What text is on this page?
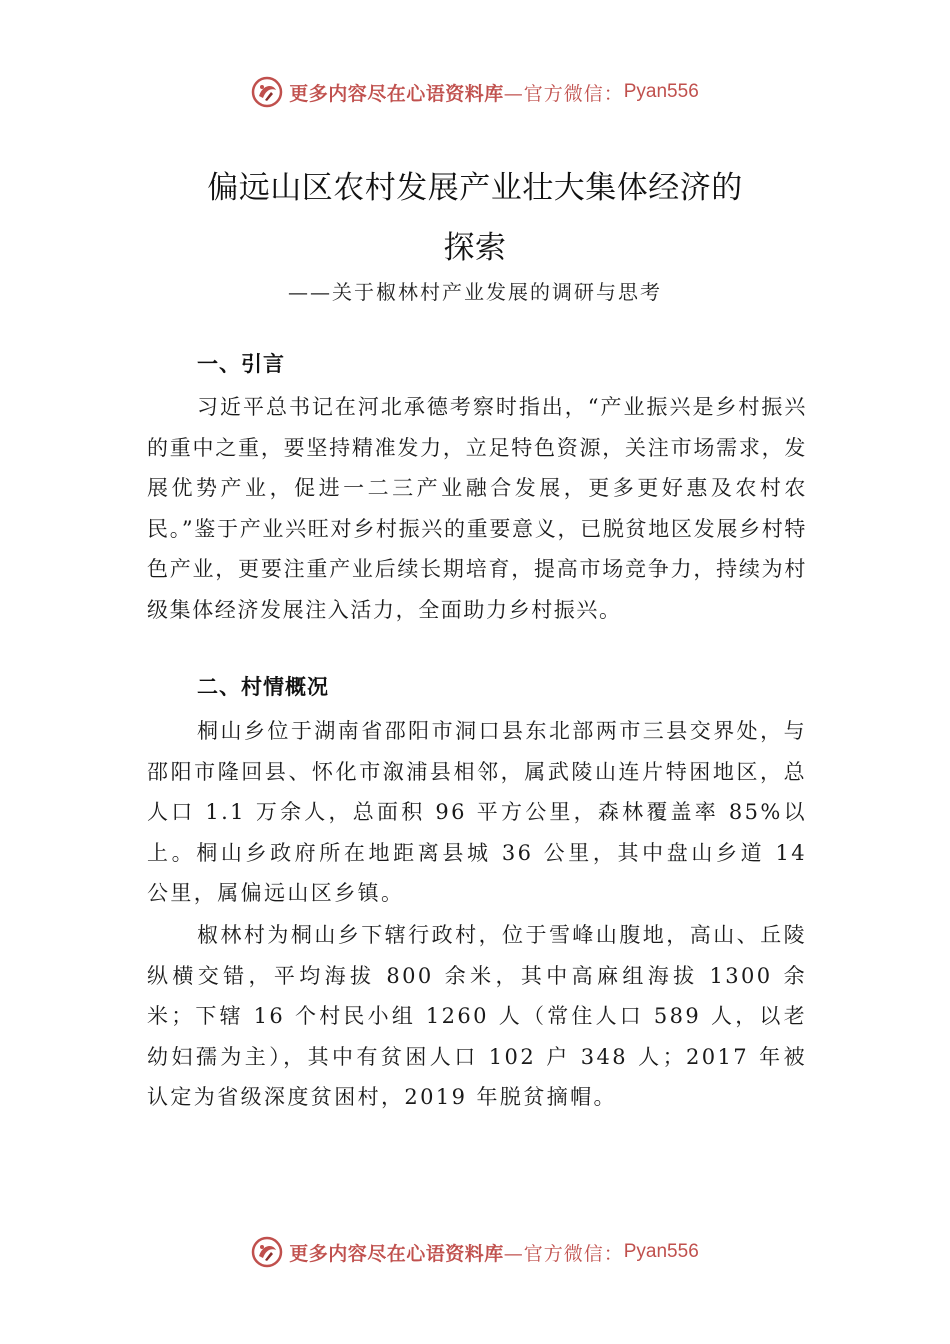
更多内容尽在心语资料库 —官方微信： Pyan556
偏远山区农村发展产业壮大集体经济的
探索
——关于椒林村产业发展的调研与思考
一、引言

习近平总书记在河北承德考察时指出，“产业振兴是乡村振兴的重中之重，要坚持精准发力，立足特色资源，关注市场需求，发展优势产业，促进一二三产业融合发展，更多更好惠及农村农民。”鉴于产业兴旺对乡村振兴的重要意义，已脱贫地区发展乡村特色产业，更要注重产业后续长期培育，提高市场竞争力，持续为村级集体经济发展注入活力，全面助力乡村振兴。

二、村情概况

桐山乡位于湖南省邵阳市洞口县东北部两市三县交界处，与邵阳市隆回县、怀化市溆浦县相邻，属武陵山连片特困地区，总人口 1.1 万余人，总面积 96 平方公里，森林覆盖率 85%以上。桐山乡政府所在地距离县城 36 公里，其中盘山乡道 14 公里，属偏远山区乡镇。

椒林村为桐山乡下辖行政村，位于雪峰山腹地，高山、丘陵纵横交错，平均海拔 800 余米，其中高麻组海拔 1300 余米；下辖 16 个村民小组 1260 人（常住人口 589 人，以老幼妇孺为主），其中有贫困人口 102 户 348 人；2017 年被认定为省级深度贫困村，2019 年脱贫摘帽。

更多内容尽在心语资料库 —官方微信： Pyan556
